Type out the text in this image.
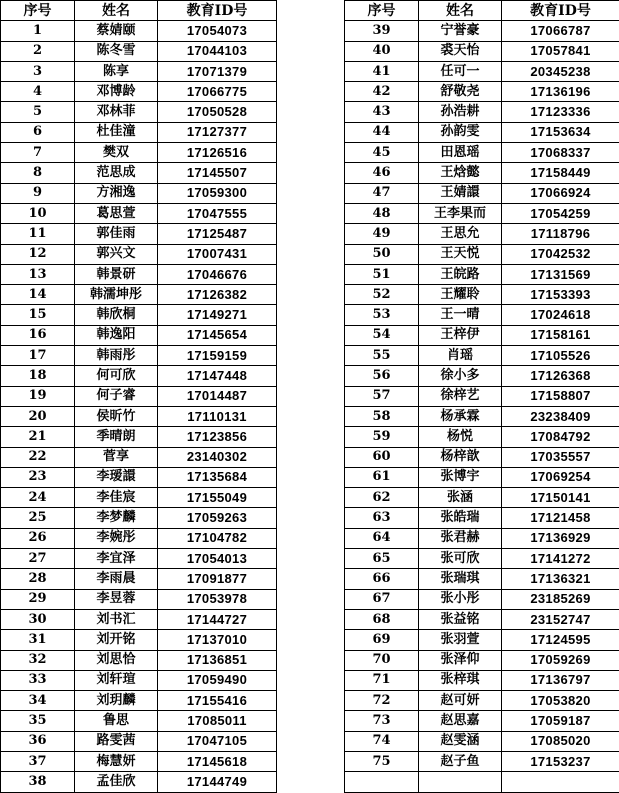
序号	姓名	教育ID号
1	蔡婧颐	17054073
2	陈冬雪	17044103
3	陈享	17071379
4	邓博龄	17066775
5	邓林菲	17050528
6	杜佳潼	17127377
7	樊双	17126516
8	范思成	17145507
9	方湘逸	17059300
10	葛思萱	17047555
11	郭佳雨	17125487
12	郭兴文	17007431
13	韩景研	17046676
14	韩濡坤彤	17126382
15	韩欣桐	17149271
16	韩逸阳	17145654
17	韩雨彤	17159159
18	何可欣	17147448
19	何子睿	17014487
20	侯昕竹	17110131
21	季晴朗	17123856
22	菅享	23140302
23	李瑷譞	17135684
24	李佳宸	17155049
25	李梦麟	17059263
26	李婉彤	17104782
27	李宜泽	17054013
28	李雨晨	17091877
29	李昱蓉	17053978
30	刘书汇	17144727
31	刘开铭	17137010
32	刘思恰	17136851
33	刘轩瑄	17059490
34	刘玥麟	17155416
35	鲁思	17085011
36	路雯茜	17047105
37	梅慧妍	17145618
38	孟佳欣	17144749
序号	姓名	教育ID号
39	宁誉豪	17066787
40	裘天怡	17057841
41	任可一	20345238
42	舒敬尧	17136196
43	孙浩耕	17123336
44	孙韵雯	17153634
45	田恩瑶	17068337
46	王焓懿	17158449
47	王婧譞	17066924
48	王李果而	17054259
49	王思允	17118796
50	王天悦	17042532
51	王皖路	17131569
52	王耀聆	17153393
53	王一晴	17024618
54	王梓伊	17158161
55	肖瑶	17105526
56	徐小多	17126368
57	徐梓艺	17158807
58	杨承霖	23238409
59	杨悦	17084792
60	杨梓歆	17035557
61	张博宇	17069254
62	张涵	17150141
63	张皓瑞	17121458
64	张君赫	17136929
65	张可欣	17141272
66	张瑞琪	17136321
67	张小彤	23185269
68	张益铭	23152747
69	张羽萱	17124595
70	张泽仰	17059269
71	张梓琪	17136797
72	赵可妍	17053820
73	赵思嘉	17059187
74	赵雯涵	17085020
75	赵子鱼	17153237
